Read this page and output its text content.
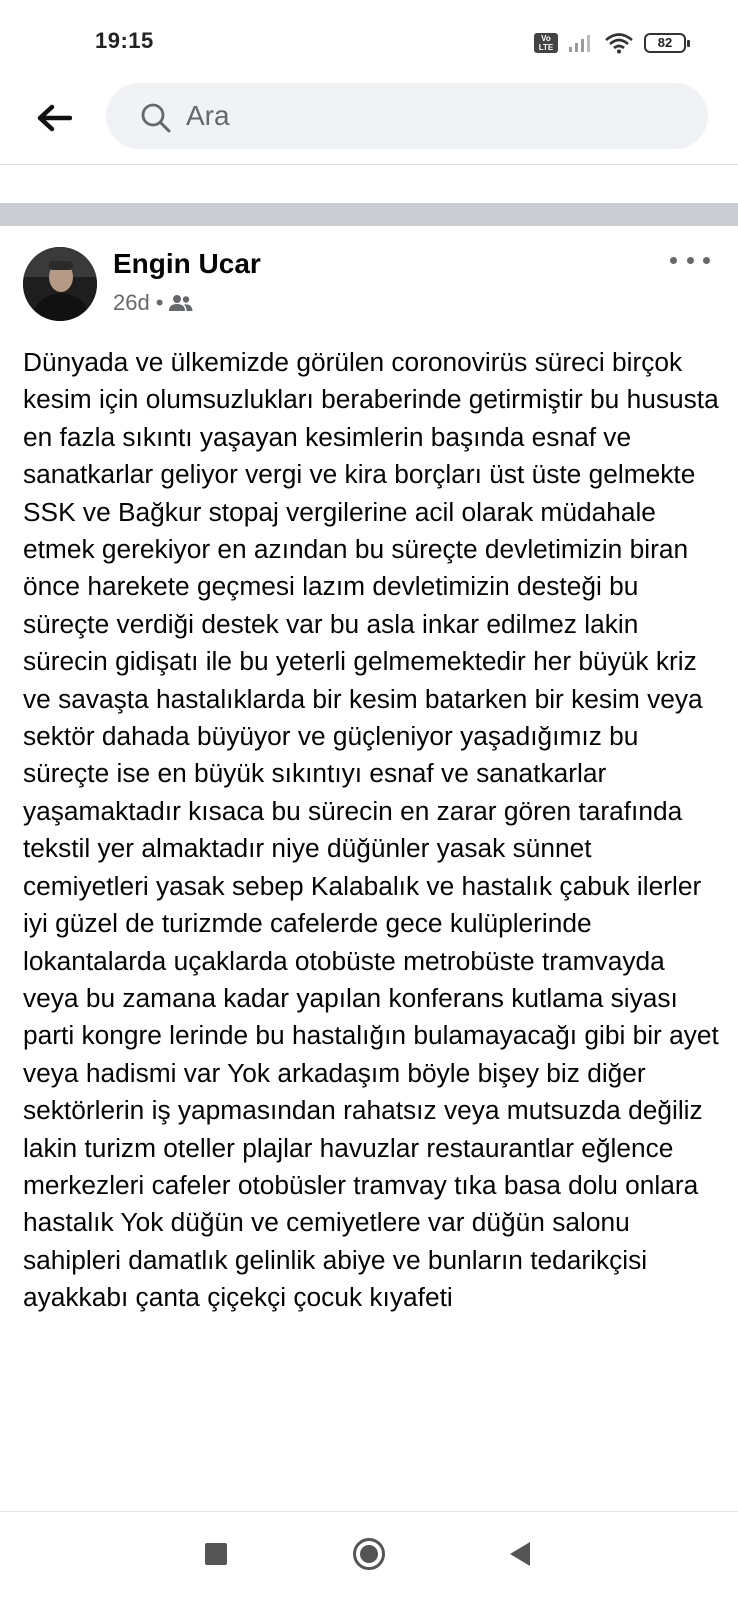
19:15	Vo LTE	82
Ara
Engin Ucar
26d •

Dünyada ve ülkemizde görülen coronovirüs süreci birçok kesim için olumsuzlukları beraberinde getirmiştir bu hususta en fazla sıkıntı yaşayan kesimlerin başında esnaf ve sanatkarlar geliyor vergi ve kira borçları üst üste gelmekte SSK ve Bağkur stopaj vergilerine acil olarak müdahale etmek gerekiyor en azından bu süreçte devletimizin biran önce harekete geçmesi lazım devletimizin desteği bu süreçte verdiği destek var bu asla inkar edilmez lakin sürecin gidişatı ile bu yeterli gelmemektedir her büyük kriz ve savaşta hastalıklarda bir kesim batarken bir kesim veya sektör dahada büyüyor ve güçleniyor yaşadığımız bu süreçte ise en büyük sıkıntıyı esnaf ve sanatkarlar yaşamaktadır kısaca bu sürecin en zarar gören tarafında tekstil yer almaktadır niye düğünler yasak sünnet cemiyetleri yasak sebep Kalabalık ve hastalık çabuk ilerler iyi güzel de turizmde cafelerde gece kulüplerinde lokantalarda uçaklarda otobüste metrobüste tramvayda veya bu zamana kadar yapılan konferans kutlama siyası parti kongre lerinde bu hastalığın bulamayacağı gibi bir ayet veya hadismi var Yok arkadaşım böyle bişey biz diğer sektörlerin iş yapmasından rahatsız veya mutsuzda değiliz lakin turizm oteller plajlar havuzlar restaurantlar eğlence merkezleri cafeler otobüsler tramvay tıka basa dolu onlara hastalık Yok düğün ve cemiyetlere var düğün salonu sahipleri damatlık gelinlik abiye ve bunların tedarikçisi ayakkabı çanta çiçekçi çocuk kıyafeti
